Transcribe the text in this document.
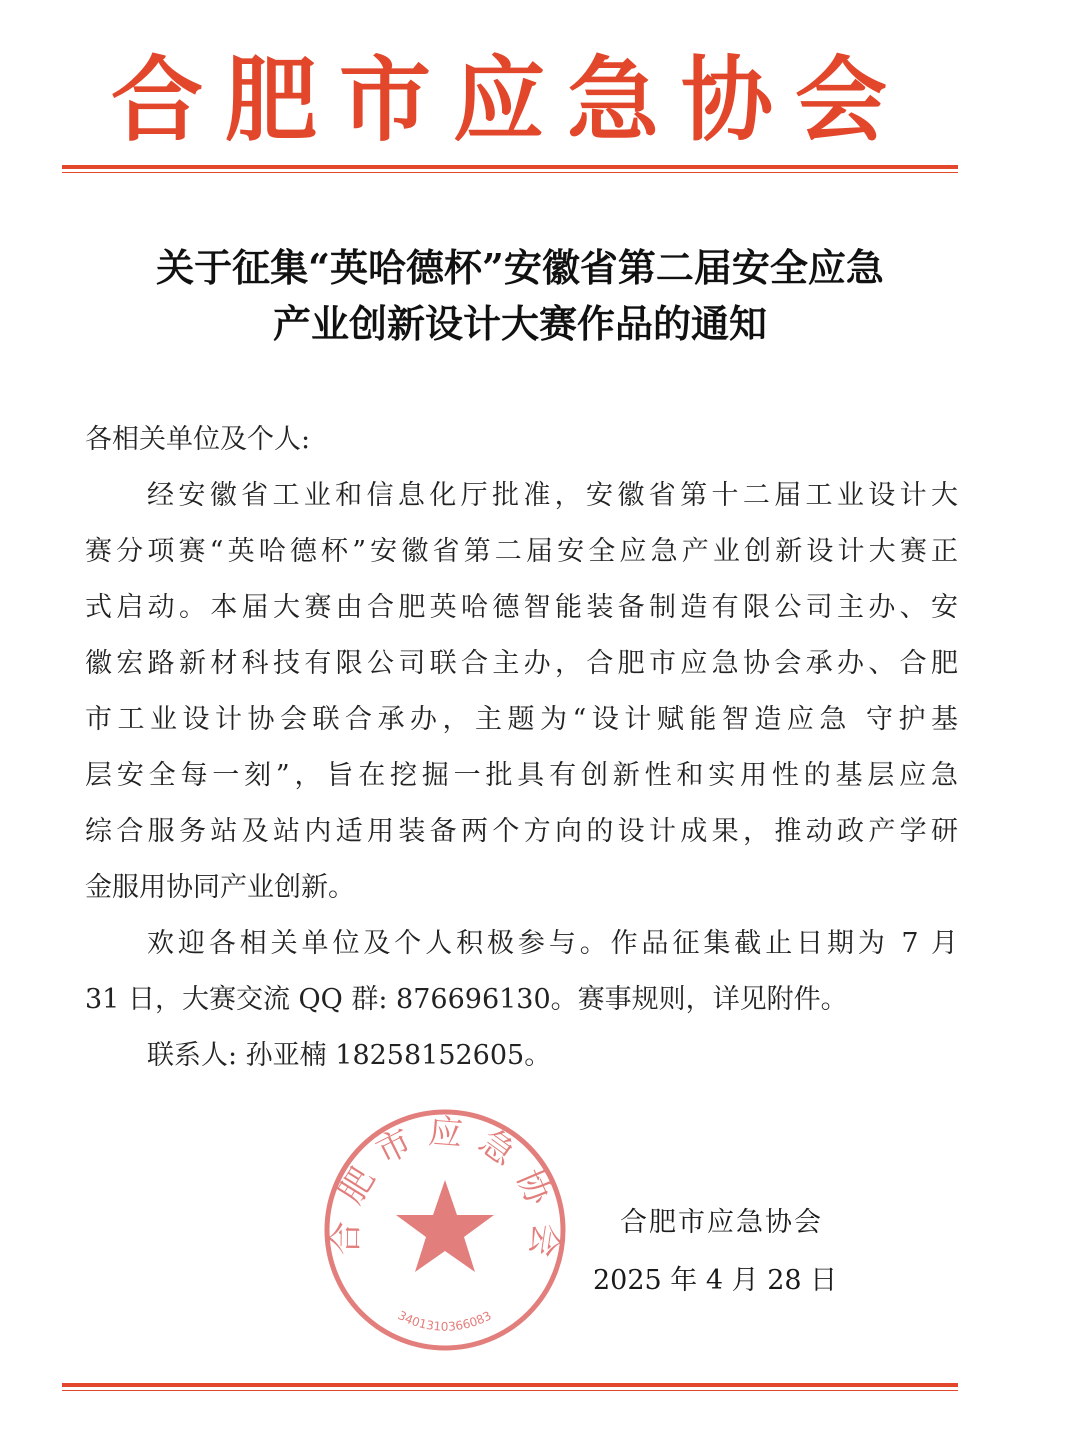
合肥市应急协会
关于征集“英哈德杯”安徽省第二届安全应急
产业创新设计大赛作品的通知
各相关单位及个人:
经安徽省工业和信息化厅批准，安徽省第十二届工业设计大
赛分项赛“英哈德杯”安徽省第二届安全应急产业创新设计大赛正
式启动。本届大赛由合肥英哈德智能装备制造有限公司主办、安
徽宏路新材科技有限公司联合主办，合肥市应急协会承办、合肥
市工业设计协会联合承办，主题为“设计赋能智造应急 守护基
层安全每一刻”，旨在挖掘一批具有创新性和实用性的基层应急
综合服务站及站内适用装备两个方向的设计成果，推动政产学研
金服用协同产业创新。
欢迎各相关单位及个人积极参与。作品征集截止日期为 7 月
31 日，大赛交流 QQ 群: 876696130。赛事规则，详见附件。
联系人: 孙亚楠 18258152605。
合肥市应急协会
3401310366083
合肥市应急协会
2025 年 4 月 28 日
